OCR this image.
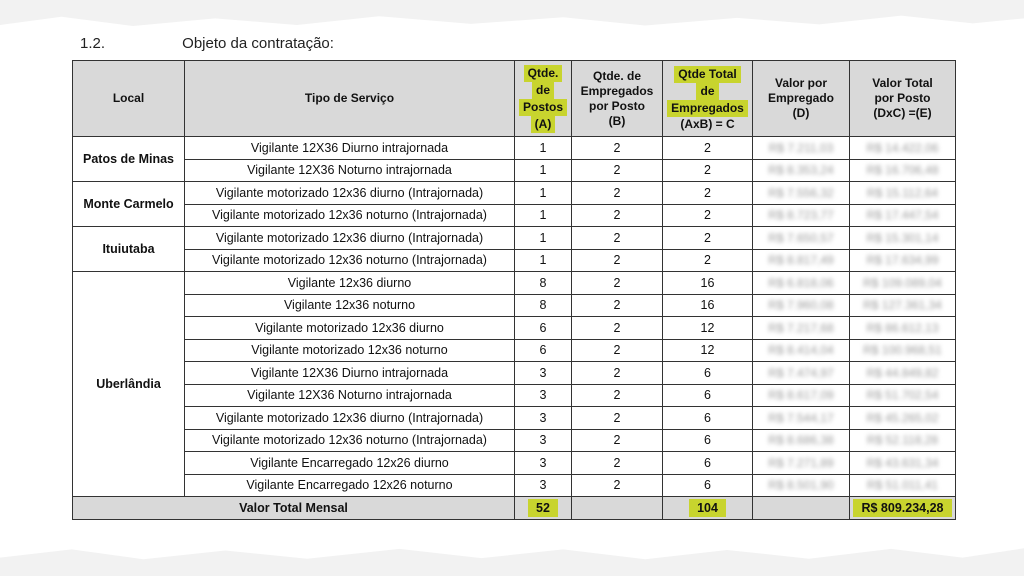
1.2.	Objeto da contratação:
Local	Tipo de Serviço	Qtde.
de
Postos
(A)	Qtde. de
Empregados
por Posto
(B)	Qtde Total
de
Empregados
(AxB) = C	Valor por
Empregado
(D)	Valor Total
por Posto
(DxC) =(E)
Patos de Minas	Vigilante 12X36 Diurno intrajornada	1	2	2	R$ 7.211,03	R$ 14.422,06
	Vigilante 12X36 Noturno intrajornada	1	2	2	R$ 8.353,24	R$ 16.706,48
Monte Carmelo	Vigilante motorizado 12x36 diurno (Intrajornada)	1	2	2	R$ 7.556,32	R$ 15.112,64
	Vigilante motorizado 12x36 noturno (Intrajornada)	1	2	2	R$ 8.723,77	R$ 17.447,54
Ituiutaba	Vigilante motorizado 12x36 diurno (Intrajornada)	1	2	2	R$ 7.650,57	R$ 15.301,14
	Vigilante motorizado 12x36 noturno (Intrajornada)	1	2	2	R$ 8.817,49	R$ 17.634,99
Uberlândia	Vigilante 12x36 diurno	8	2	16	R$ 6.818,06	R$ 109.089,04
	Vigilante 12x36 noturno	8	2	16	R$ 7.960,08	R$ 127.361,34
	Vigilante motorizado 12x36 diurno	6	2	12	R$ 7.217,68	R$ 86.612,13
	Vigilante motorizado 12x36 noturno	6	2	12	R$ 8.414,04	R$ 100.968,51
	Vigilante 12X36 Diurno intrajornada	3	2	6	R$ 7.474,97	R$ 44.849,82
	Vigilante 12X36 Noturno intrajornada	3	2	6	R$ 8.617,09	R$ 51.702,54
	Vigilante motorizado 12x36 diurno (Intrajornada)	3	2	6	R$ 7.544,17	R$ 45.265,02
	Vigilante motorizado 12x36 noturno (Intrajornada)	3	2	6	R$ 8.686,38	R$ 52.118,28
	Vigilante Encarregado 12x26 diurno	3	2	6	R$ 7.271,89	R$ 43.631,34
	Vigilante Encarregado 12x26 noturno	3	2	6	R$ 8.501,90	R$ 51.011,41
Valor Total Mensal		52		104		R$ 809.234,28
